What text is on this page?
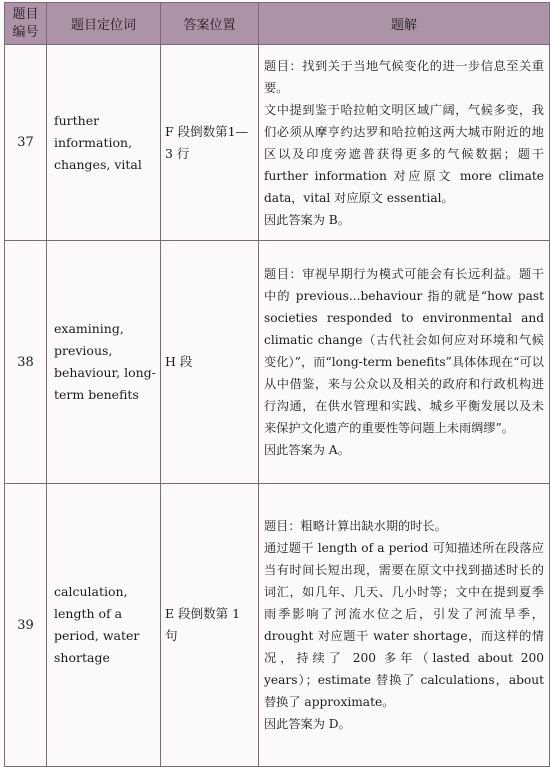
题目
编号	题目定位词	答案位置	题解
37	further information, changes, vital	F 段倒数第1—3 行	题目：找到关于当地气候变化的进一步信息至关重要。

文中提到鉴于哈拉帕文明区域广阔，气候多变，我们必须从摩亨约达罗和哈拉帕这两大城市附近的地区以及印度旁遮普获得更多的气候数据；题干 further information 对应原文 more climate data，vital 对应原文 essential。

因此答案为 B。

38	examining, previous, behaviour, long-term benefits	H 段	题目：审视早期行为模式可能会有长远利益。题干中的 previous...behaviour 指的就是“how past societies responded to environmental and climatic change（古代社会如何应对环境和气候变化）”，而“long-term benefits”具体体现在“可以从中借鉴，来与公众以及相关的政府和行政机构进行沟通，在供水管理和实践、城乡平衡发展以及未来保护文化遗产的重要性等问题上未雨绸缪”。

因此答案为 A。

39	calculation, length of a period, water shortage	E 段倒数第 1 句	题目：粗略计算出缺水期的时长。

通过题干 length of a period 可知描述所在段落应当有时间长短出现，需要在原文中找到描述时长的词汇，如几年、几天、几小时等；文中在提到夏季雨季影响了河流水位之后，引发了河流旱季，drought 对应题干 water shortage，而这样的情况，持续了 200 多年（lasted about 200 years）；estimate 替换了 calculations，about 替换了 approximate。

因此答案为 D。
